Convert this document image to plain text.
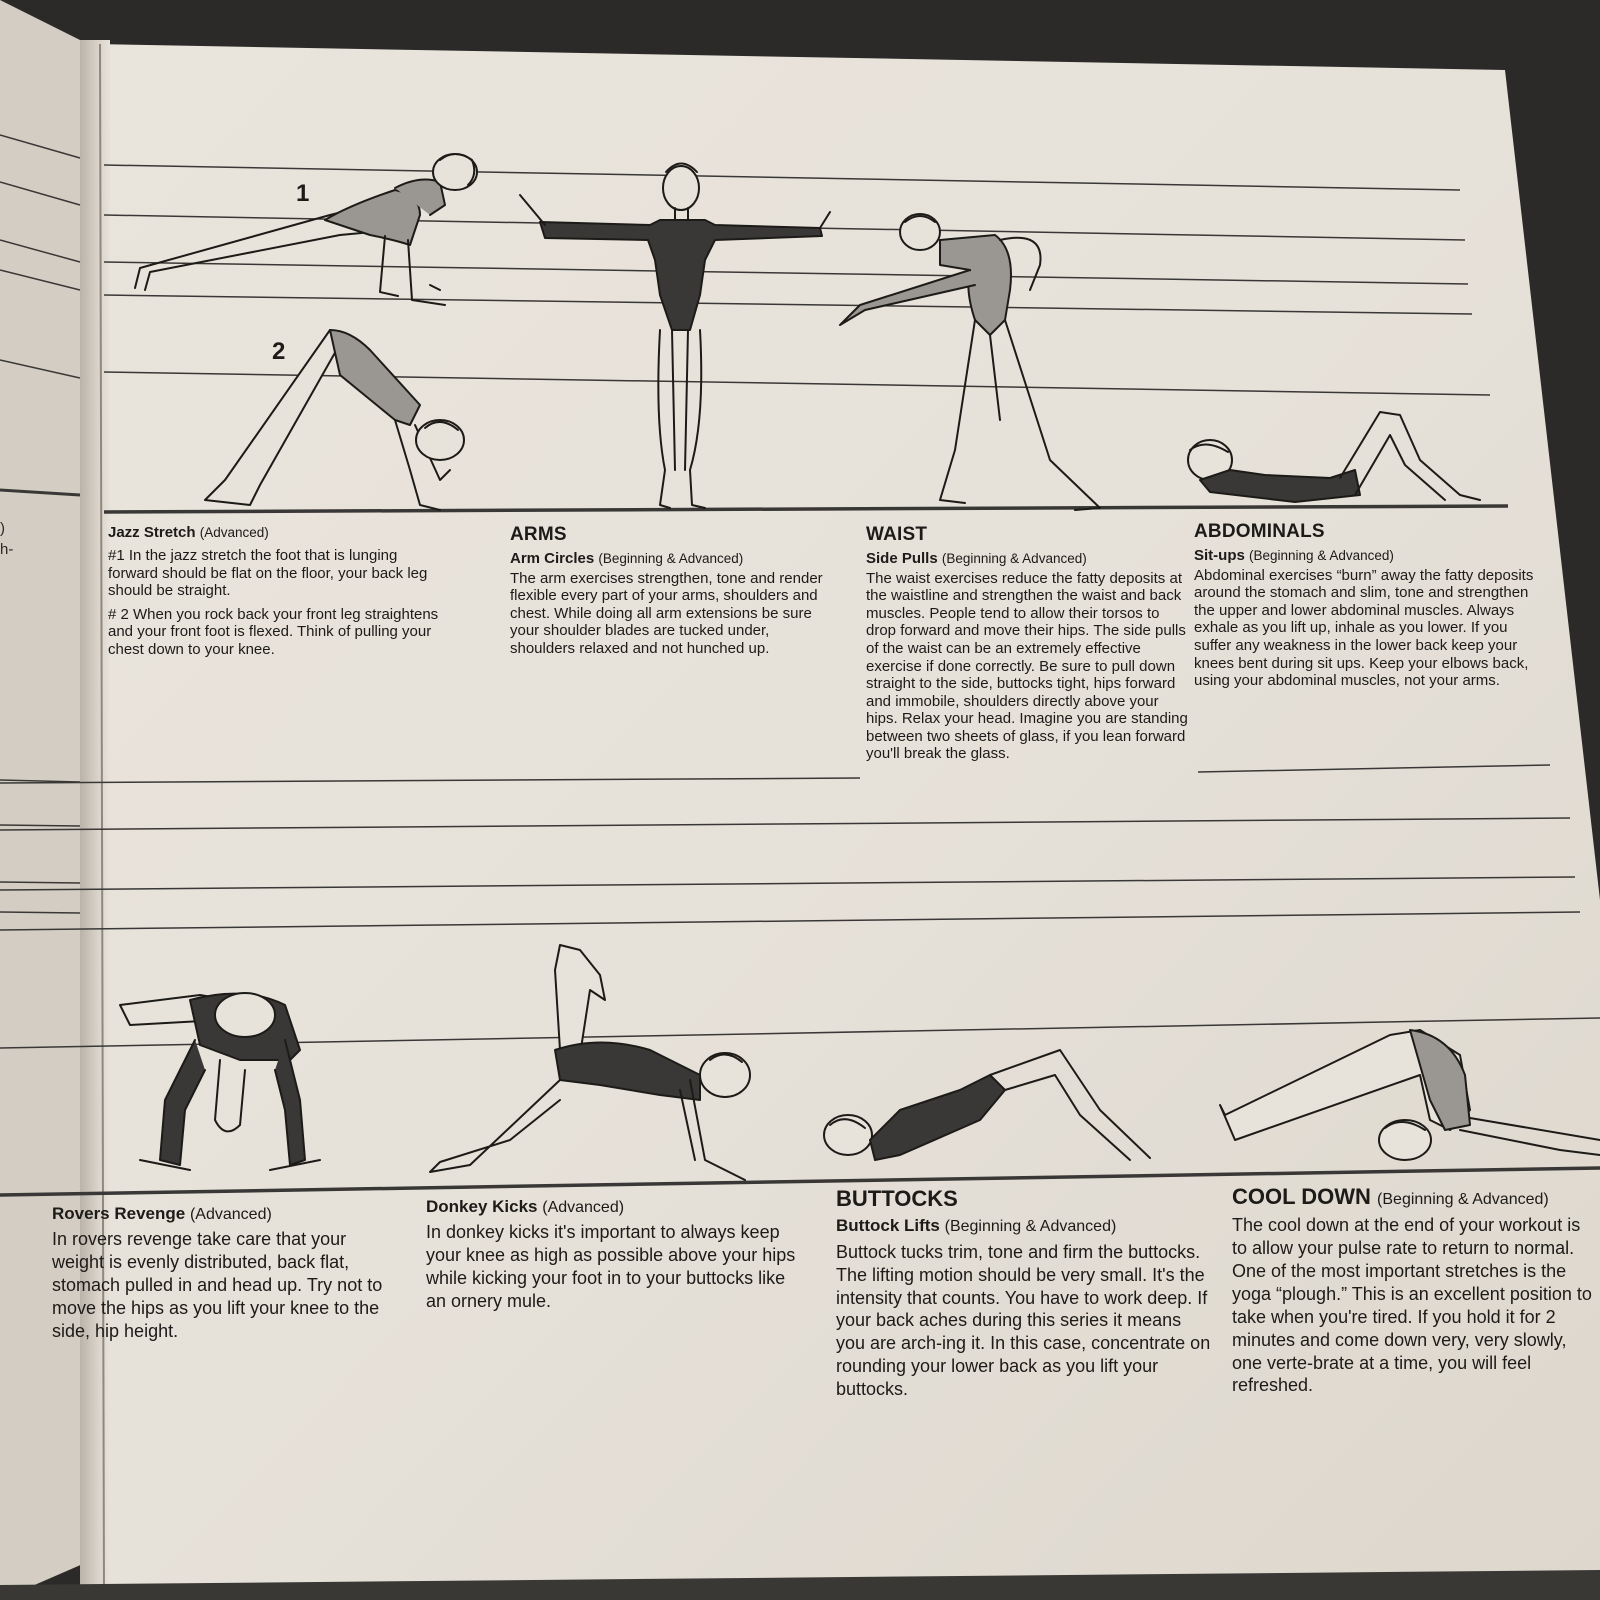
)
h-
1
2
Jazz Stretch (Advanced)

#1 In the jazz stretch the foot that is lunging forward should be flat on the floor, your back leg should be straight.

# 2 When you rock back your front leg straightens and your front foot is flexed. Think of pulling your chest down to your knee.

ARMS
Arm Circles (Beginning & Advanced)

The arm exercises strengthen, tone and render flexible every part of your arms, shoulders and chest. While doing all arm extensions be sure your shoulder blades are tucked under, shoulders relaxed and not hunched up.

WAIST
Side Pulls (Beginning & Advanced)

The waist exercises reduce the fatty deposits at the waistline and strengthen the waist and back muscles. People tend to allow their torsos to drop forward and move their hips. The side pulls of the waist can be an extremely effective exercise if done correctly. Be sure to pull down straight to the side, buttocks tight, hips forward and immobile, shoulders directly above your hips. Relax your head. Imagine you are standing between two sheets of glass, if you lean forward you'll break the glass.

ABDOMINALS
Sit-ups (Beginning & Advanced)

Abdominal exercises “burn” away the fatty deposits around the stomach and slim, tone and strengthen the upper and lower abdominal muscles. Always exhale as you lift up, inhale as you lower. If you suffer any weakness in the lower back keep your knees bent during sit ups. Keep your elbows back, using your abdominal muscles, not your arms.

Rovers Revenge (Advanced)

In rovers revenge take care that your weight is evenly distributed, back flat, stomach pulled in and head up. Try not to move the hips as you lift your knee to the side, hip height.

Donkey Kicks (Advanced)

In donkey kicks it's important to always keep your knee as high as possible above your hips while kicking your foot in to your buttocks like an ornery mule.

BUTTOCKS
Buttock Lifts (Beginning & Advanced)

Buttock tucks trim, tone and firm the buttocks. The lifting motion should be very small. It's the intensity that counts. You have to work deep. If your back aches during this series it means you are arch-ing it. In this case, concentrate on rounding your lower back as you lift your buttocks.

COOL DOWN (Beginning & Advanced)

The cool down at the end of your workout is to allow your pulse rate to return to normal. One of the most important stretches is the yoga “plough.” This is an excellent position to take when you're tired. If you hold it for 2 minutes and come down very, very slowly, one verte-brate at a time, you will feel refreshed.
